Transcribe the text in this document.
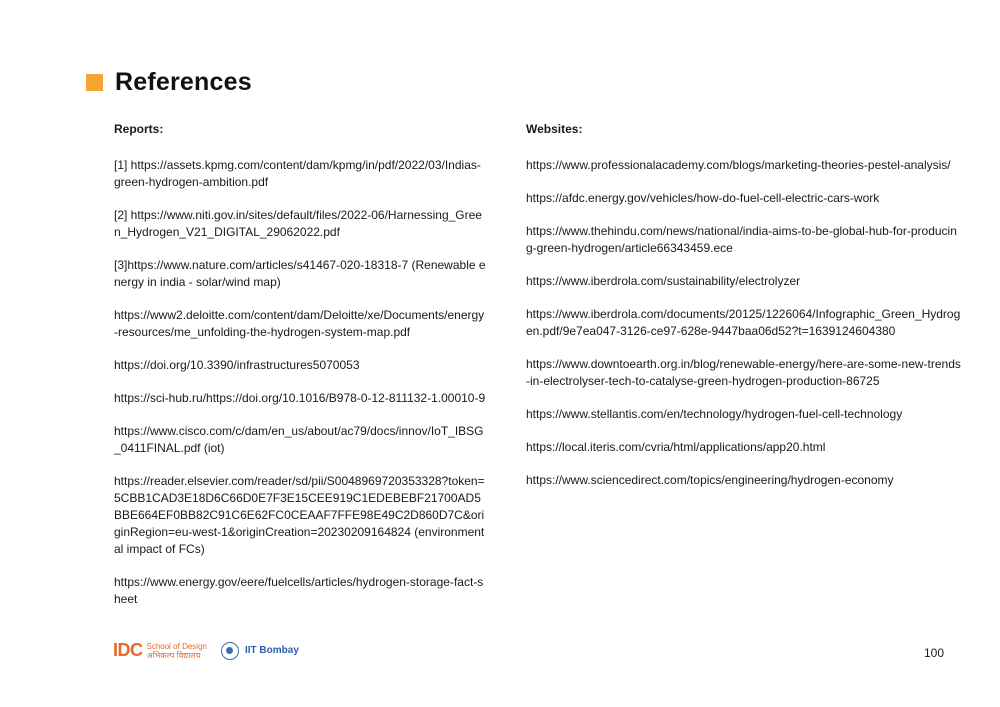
References
Reports:

[1] https://assets.kpmg.com/content/dam/kpmg/in/pdf/2022/03/Indias-green-hydrogen-ambition.pdf

[2] https://www.niti.gov.in/sites/default/files/2022-06/Harnessing_Green_Hydrogen_V21_DIGITAL_29062022.pdf

[3]https://www.nature.com/articles/s41467-020-18318-7 (Renewable energy in india - solar/wind map)

https://www2.deloitte.com/content/dam/Deloitte/xe/Documents/energy-resources/me_unfolding-the-hydrogen-system-map.pdf

https://doi.org/10.3390/infrastructures5070053

https://sci-hub.ru/https://doi.org/10.1016/B978-0-12-811132-1.00010-9

https://www.cisco.com/c/dam/en_us/about/ac79/docs/innov/IoT_IBSG_0411FINAL.pdf (iot)

https://reader.elsevier.com/reader/sd/pii/S0048969720353328?token=5CBB1CAD3E18D6C66D0E7F3E15CEE919C1EDEBEBF21700AD5BBE664EF0BB82C91C6E62FC0CEAAF7FFE98E49C2D860D7C&originRegion=eu-west-1&originCreation=20230209164824 (environmental impact of FCs)

https://www.energy.gov/eere/fuelcells/articles/hydrogen-storage-fact-sheet

Websites:

https://www.professionalacademy.com/blogs/marketing-theories-pestel-analysis/

https://afdc.energy.gov/vehicles/how-do-fuel-cell-electric-cars-work

https://www.thehindu.com/news/national/india-aims-to-be-global-hub-for-producing-green-hydrogen/article66343459.ece

https://www.iberdrola.com/sustainability/electrolyzer

https://www.iberdrola.com/documents/20125/1226064/Infographic_Green_Hydrogen.pdf/9e7ea047-3126-ce97-628e-9447baa06d52?t=1639124604380

https://www.downtoearth.org.in/blog/renewable-energy/here-are-some-new-trends-in-electrolyser-tech-to-catalyse-green-hydrogen-production-86725

https://www.stellantis.com/en/technology/hydrogen-fuel-cell-technology

https://local.iteris.com/cvria/html/applications/app20.html

https://www.sciencedirect.com/topics/engineering/hydrogen-economy

IDC School of Design
अभिकल्प विद्यालय	IIT Bombay	100
